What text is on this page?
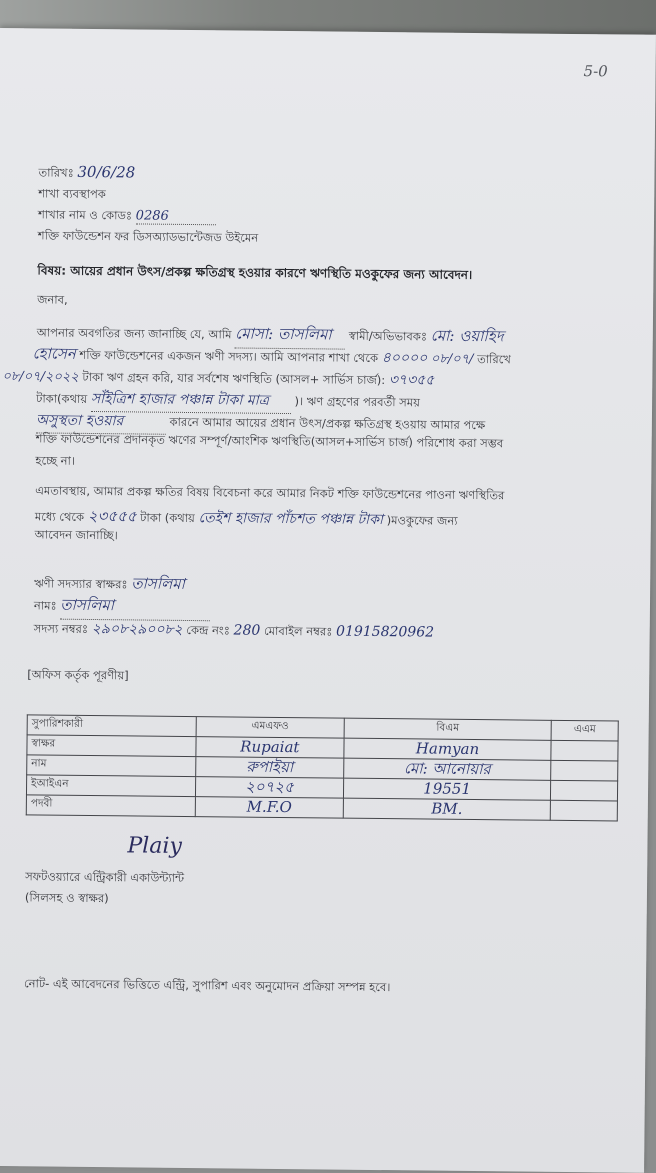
5-0
তারিখঃ 30/6/28
শাখা ব্যবস্থাপক
শাখার নাম ও কোডঃ 0286
শক্তি ফাউন্ডেশন ফর ডিসঅ্যাডভান্টেজড উইমেন
বিষয়: আয়ের প্রধান উৎস/প্রকল্প ক্ষতিগ্রস্থ হওয়ার কারণে ঋণস্থিতি মওকুফের জন্য আবেদন।
জনাব,
আপনার অবগতির জন্য জানাচ্ছি যে, আমি মোসা: তাসলিমা স্বামী/অভিভাবকঃ মো: ওয়াহিদ
হোসেন শক্তি ফাউন্ডেশনের একজন ঋণী সদস্য। আমি আপনার শাখা থেকে ৪০০০০ ০৮/০৭/ তারিখে
০৮/০৭/২০২২ টাকা ঋণ গ্রহন করি, যার সর্বশেষ ঋণস্থিতি (আসল+ সার্ভিস চার্জ): ৩৭৩৫৫
টাকা(কথায় সাঁইত্রিশ হাজার পঞ্চান্ন টাকা মাত্র )। ঋণ গ্রহণের পরবর্তী সময়
অসুস্থতা হওয়ার	কারনে আমার আয়ের প্রধান উৎস/প্রকল্প ক্ষতিগ্রস্থ হওয়ায় আমার পক্ষে
শক্তি ফাউন্ডেশনের প্রদানকৃত ঋণের সম্পূর্ণ/আংশিক ঋণস্থিতি(আসল+সার্ভিস চার্জ) পরিশোধ করা সম্ভব
হচ্ছে না।
এমতাবস্থায়, আমার প্রকল্প ক্ষতির বিষয় বিবেচনা করে আমার নিকট শক্তি ফাউন্ডেশনের পাওনা ঋণস্থিতির
মধ্যে থেকে ২৩৫৫৫ টাকা (কথায় তেইশ হাজার পাঁচশত পঞ্চান্ন টাকা )মওকুফের জন্য
আবেদন জানাচ্ছি।
ঋণী সদস্যার স্বাক্ষরঃ তাসলিমা
নামঃ তাসলিমা
সদস্য নম্বরঃ ২৯০৮২৯০০৮২ কেন্দ্র নংঃ 280 মোবাইল নম্বরঃ 01915820962
[অফিস কর্তৃক পূরণীয়]
সুপারিশকারী	এমএফও	বিএম	এএম
স্বাক্ষর	Rupaiat	Hamyan	

নাম	রুপাইয়া	মো: আনোয়ার	

ইআইএন	২০৭২৫	19551	

পদবী	M.F.O	BM.	

Plaiy
সফটওয়্যারে এন্ট্রিকারী একাউন্ট্যান্ট
(সিলসহ ও স্বাক্ষর)
নোট- এই আবেদনের ভিত্তিতে এন্ট্রি, সুপারিশ এবং অনুমোদন প্রক্রিয়া সম্পন্ন হবে।
